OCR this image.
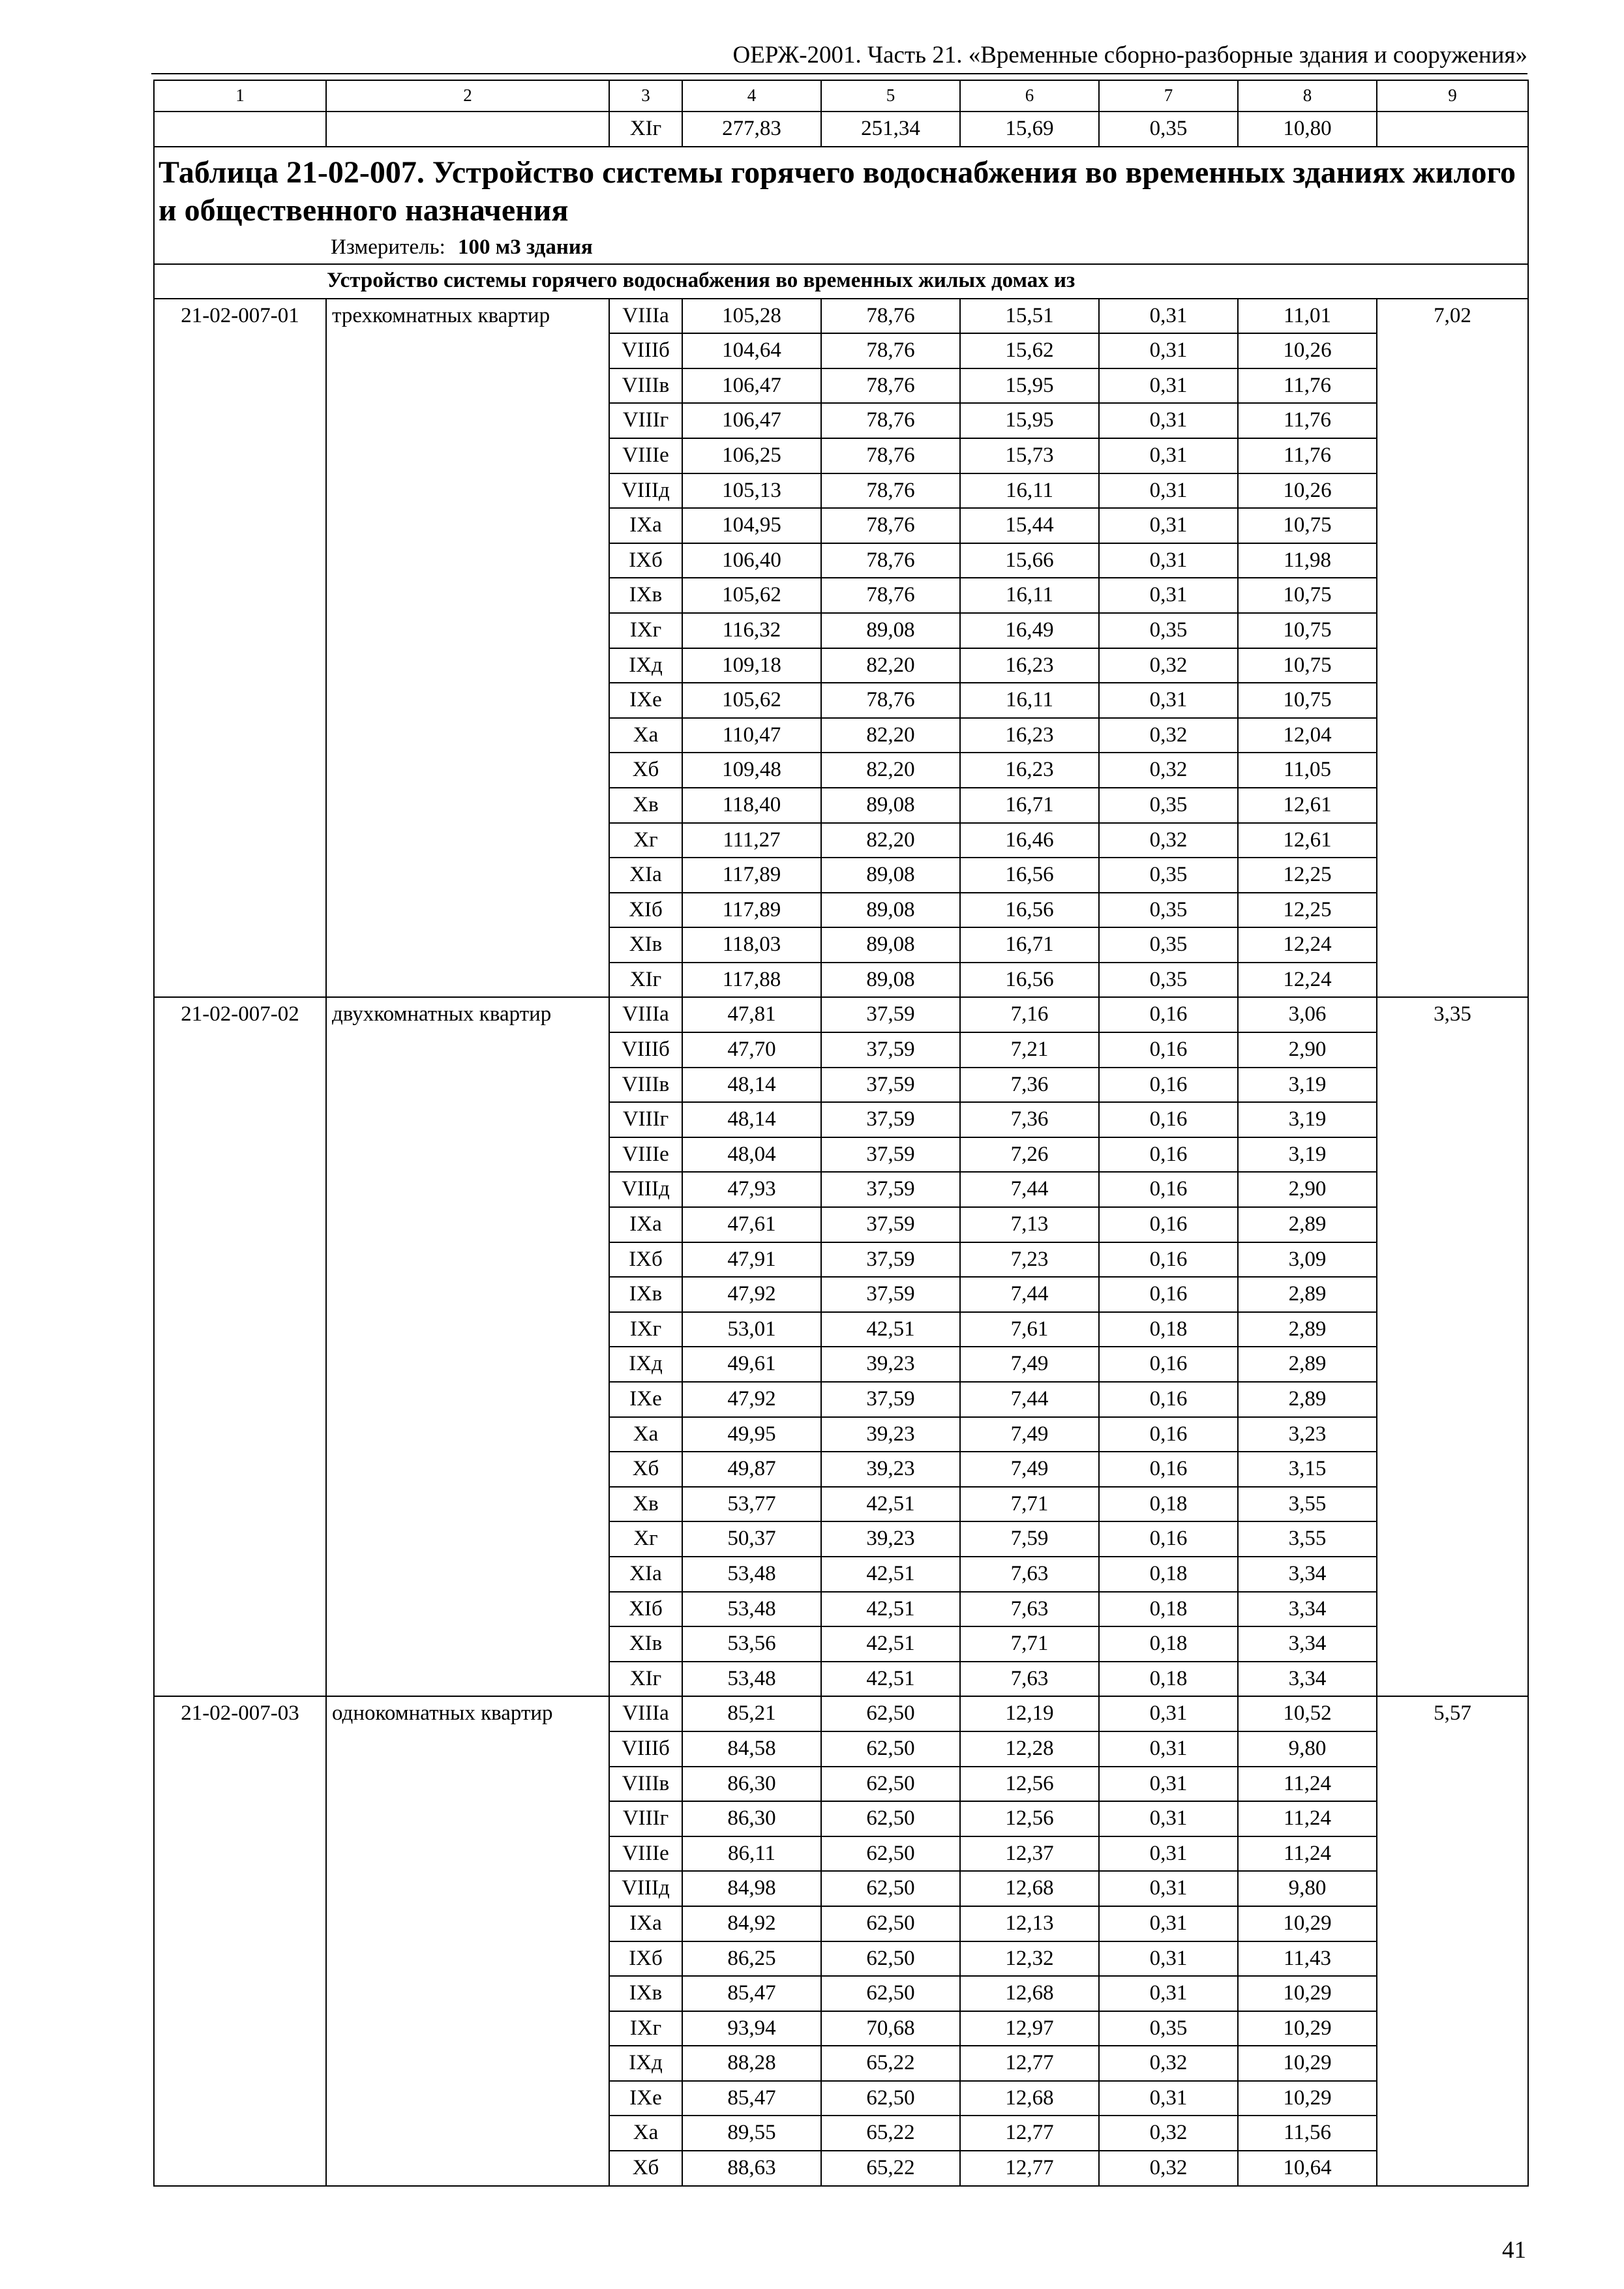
ОЕРЖ-2001. Часть 21. «Временные сборно-разборные здания и сооружения»
1	2	3	4	5	6	7	8	9
		XIг	277,83	251,34	15,69	0,35	10,80	

Таблица 21-02-007. Устройство системы горячего водоснабжения во временных зданиях жилого и общественного назначения
Измеритель: 100 м3 здания								

Устройство системы горячего водоснабжения во временных жилых домах из								
21-02-007-01	трехкомнатных квартир	VIIIа	105,28	78,76	15,51	0,31	11,01	7,02
		VIIIб	104,64	78,76	15,62	0,31	10,26	
		VIIIв	106,47	78,76	15,95	0,31	11,76	
		VIIIг	106,47	78,76	15,95	0,31	11,76	
		VIIIе	106,25	78,76	15,73	0,31	11,76	
		VIIIд	105,13	78,76	16,11	0,31	10,26	
		IXа	104,95	78,76	15,44	0,31	10,75	
		IXб	106,40	78,76	15,66	0,31	11,98	
		IXв	105,62	78,76	16,11	0,31	10,75	
		IXг	116,32	89,08	16,49	0,35	10,75	
		IXд	109,18	82,20	16,23	0,32	10,75	
		IXе	105,62	78,76	16,11	0,31	10,75	
		Xа	110,47	82,20	16,23	0,32	12,04	
		Xб	109,48	82,20	16,23	0,32	11,05	
		Xв	118,40	89,08	16,71	0,35	12,61	
		Xг	111,27	82,20	16,46	0,32	12,61	
		XIа	117,89	89,08	16,56	0,35	12,25	
		XIб	117,89	89,08	16,56	0,35	12,25	
		XIв	118,03	89,08	16,71	0,35	12,24	
		XIг	117,88	89,08	16,56	0,35	12,24	
21-02-007-02	двухкомнатных квартир	VIIIа	47,81	37,59	7,16	0,16	3,06	3,35
		VIIIб	47,70	37,59	7,21	0,16	2,90	
		VIIIв	48,14	37,59	7,36	0,16	3,19	
		VIIIг	48,14	37,59	7,36	0,16	3,19	
		VIIIе	48,04	37,59	7,26	0,16	3,19	
		VIIIд	47,93	37,59	7,44	0,16	2,90	
		IXа	47,61	37,59	7,13	0,16	2,89	
		IXб	47,91	37,59	7,23	0,16	3,09	
		IXв	47,92	37,59	7,44	0,16	2,89	
		IXг	53,01	42,51	7,61	0,18	2,89	
		IXд	49,61	39,23	7,49	0,16	2,89	
		IXе	47,92	37,59	7,44	0,16	2,89	
		Xа	49,95	39,23	7,49	0,16	3,23	
		Xб	49,87	39,23	7,49	0,16	3,15	
		Xв	53,77	42,51	7,71	0,18	3,55	
		Xг	50,37	39,23	7,59	0,16	3,55	
		XIа	53,48	42,51	7,63	0,18	3,34	
		XIб	53,48	42,51	7,63	0,18	3,34	
		XIв	53,56	42,51	7,71	0,18	3,34	
		XIг	53,48	42,51	7,63	0,18	3,34	
21-02-007-03	однокомнатных квартир	VIIIа	85,21	62,50	12,19	0,31	10,52	5,57
		VIIIб	84,58	62,50	12,28	0,31	9,80	
		VIIIв	86,30	62,50	12,56	0,31	11,24	
		VIIIг	86,30	62,50	12,56	0,31	11,24	
		VIIIе	86,11	62,50	12,37	0,31	11,24	
		VIIIд	84,98	62,50	12,68	0,31	9,80	
		IXа	84,92	62,50	12,13	0,31	10,29	
		IXб	86,25	62,50	12,32	0,31	11,43	
		IXв	85,47	62,50	12,68	0,31	10,29	
		IXг	93,94	70,68	12,97	0,35	10,29	
		IXд	88,28	65,22	12,77	0,32	10,29	
		IXе	85,47	62,50	12,68	0,31	10,29	
		Xа	89,55	65,22	12,77	0,32	11,56	
		Xб	88,63	65,22	12,77	0,32	10,64	
41
